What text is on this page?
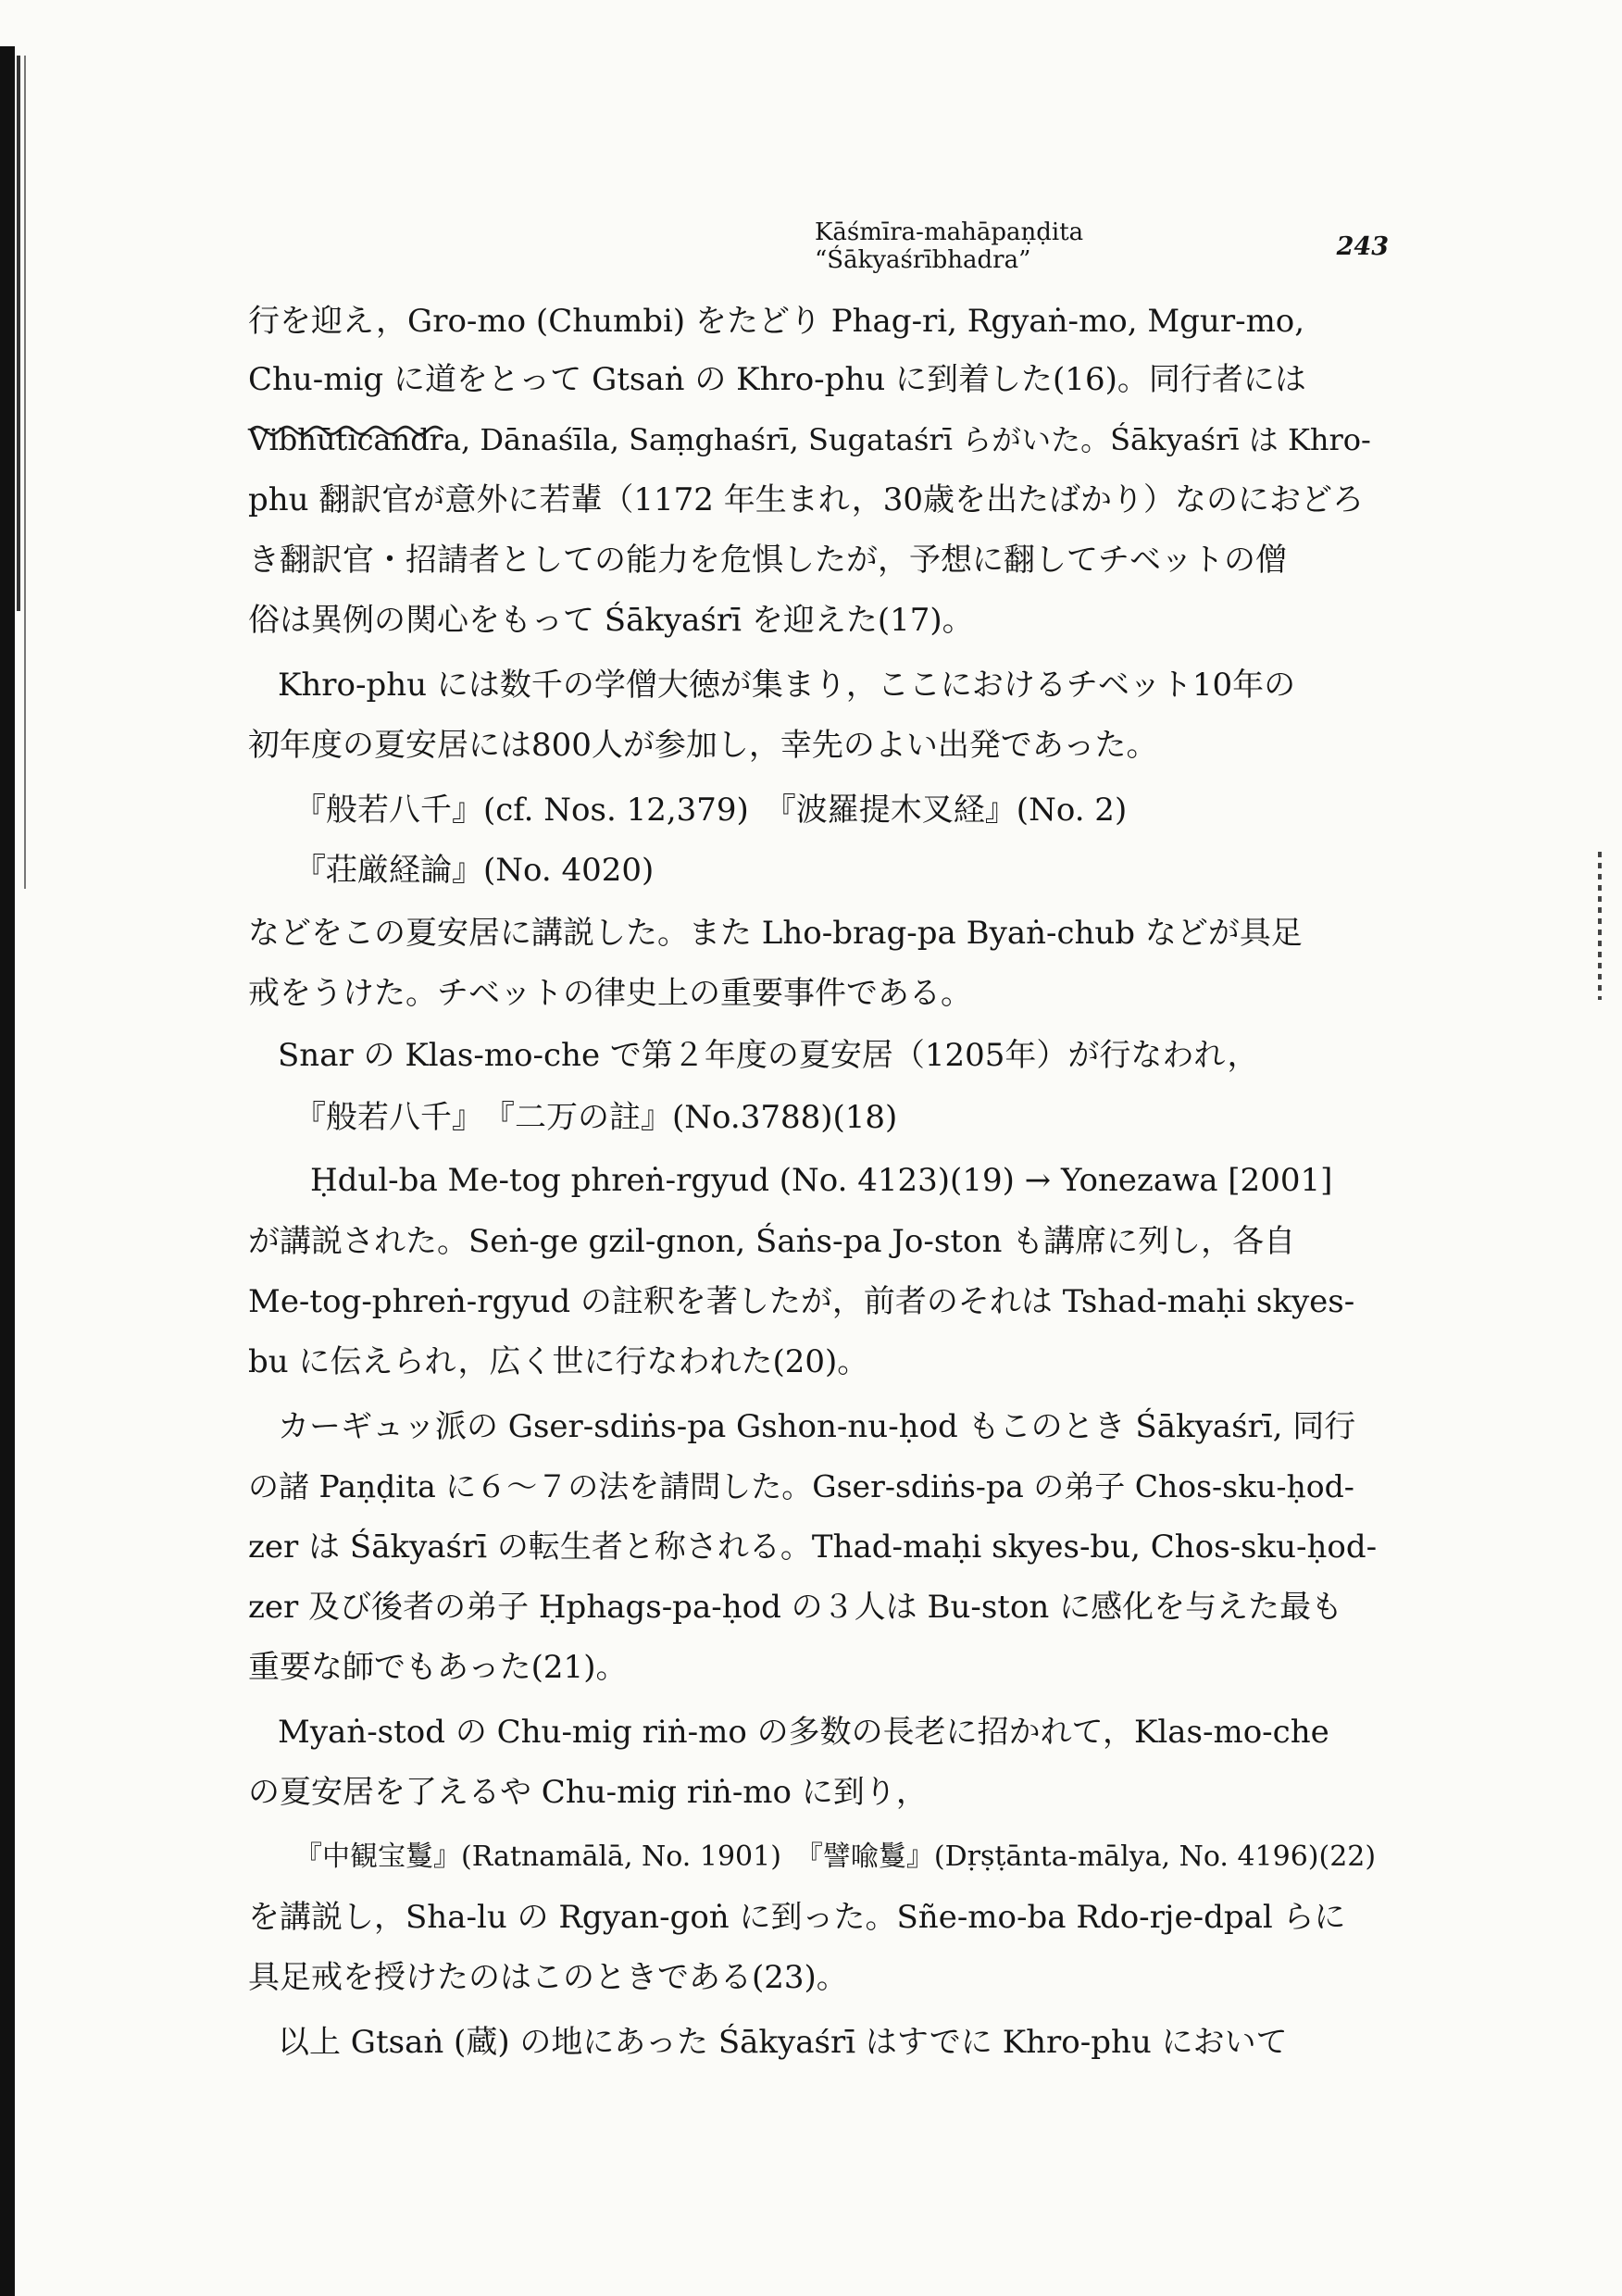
Kāśmīra-mahāpaṇḍita “Śākyaśrībhadra”	243
行を迎え，Gro-mo (Chumbi) をたどり Phag-ri, Rgyaṅ-mo, Mgur-mo,
Chu-mig に道をとって Gtsaṅ の Khro-phu に到着した(16)。同行者には
Vibhūticandra, Dānaśīla, Saṃghaśrī, Sugataśrī らがいた。Śākyaśrī は Khro-
phu 翻訳官が意外に若輩（1172 年生まれ，30歳を出たばかり）なのにおどろ
き翻訳官・招請者としての能力を危惧したが，予想に翻してチベットの僧
俗は異例の関心をもって Śākyaśrī を迎えた(17)。
Khro-phu には数千の学僧大徳が集まり，ここにおけるチベット10年の
初年度の夏安居には800人が参加し，幸先のよい出発であった。
『般若八千』(cf. Nos. 12,379)　『波羅提木叉経』(No. 2)
『荘厳経論』(No. 4020)
などをこの夏安居に講説した。また Lho-brag-pa Byaṅ-chub などが具足
戒をうけた。チベットの律史上の重要事件である。
Snar の Klas-mo-che で第２年度の夏安居（1205年）が行なわれ，
『般若八千』　『二万の註』(No.3788)(18)
Ḥdul-ba Me-tog phreṅ-rgyud (No. 4123)(19) → Yonezawa [2001]
が講説された。Seṅ-ge gzil-gnon, Śaṅs-pa Jo-ston も講席に列し，各自
Me-tog-phreṅ-rgyud の註釈を著したが，前者のそれは Tshad-maḥi skyes-
bu に伝えられ，広く世に行なわれた(20)。
カーギュッ派の Gser-sdiṅs-pa Gshon-nu-ḥod もこのとき Śākyaśrī, 同行
の諸 Paṇḍita に６〜７の法を請問した。Gser-sdiṅs-pa の弟子 Chos-sku-ḥod-
zer は Śākyaśrī の転生者と称される。Thad-maḥi skyes-bu, Chos-sku-ḥod-
zer 及び後者の弟子 Ḥphags-pa-ḥod の３人は Bu-ston に感化を与えた最も
重要な師でもあった(21)。
Myaṅ-stod の Chu-mig riṅ-mo の多数の長老に招かれて，Klas-mo-che
の夏安居を了えるや Chu-mig riṅ-mo に到り，
『中観宝鬘』(Ratnamālā, No. 1901)　『譬喩鬘』(Dṛṣṭānta-mālya, No. 4196)(22)
を講説し，Sha-lu の Rgyan-goṅ に到った。Sñe-mo-ba Rdo-rje-dpal らに
具足戒を授けたのはこのときである(23)。
以上 Gtsaṅ (蔵) の地にあった Śākyaśrī はすでに Khro-phu において
